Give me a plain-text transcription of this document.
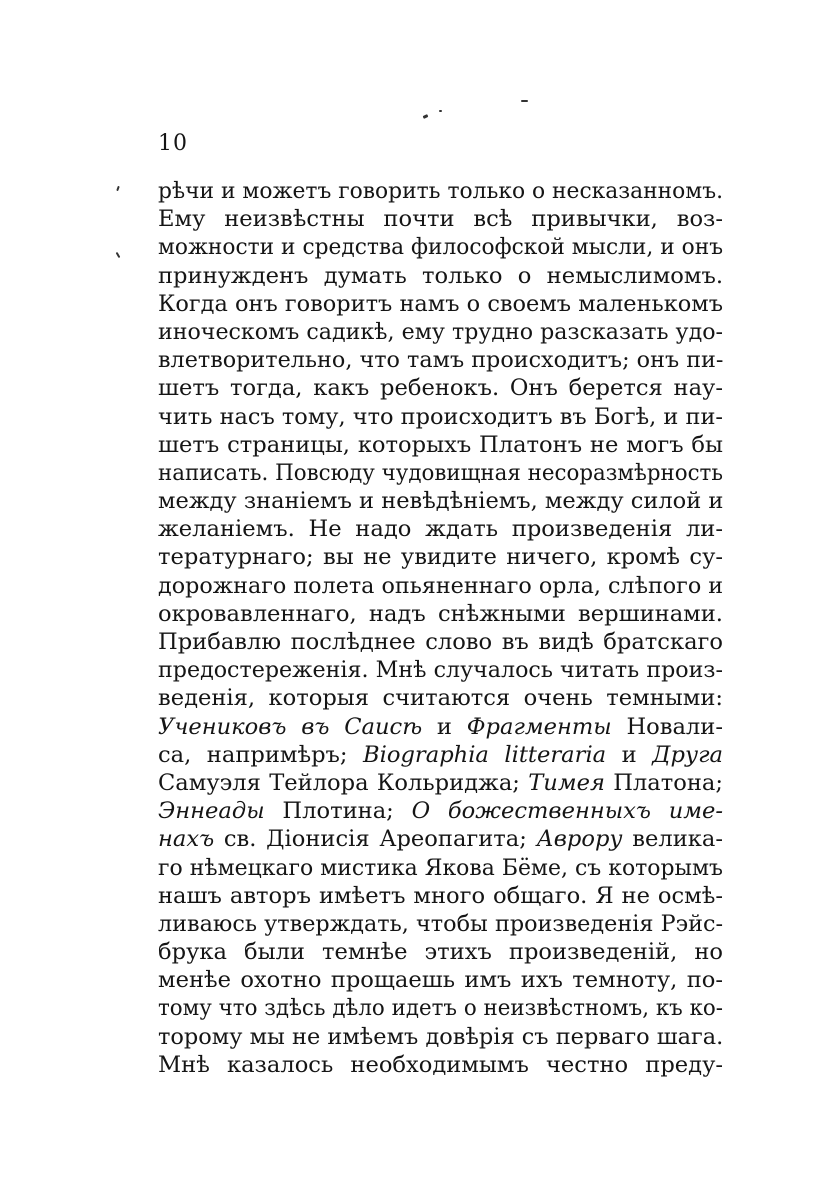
10
рѣчи и можетъ говорить только о несказанномъ.
Ему неизвѣстны почти всѣ привычки, воз-
можности и средства философской мысли, и онъ
принужденъ думать только о немыслимомъ.
Когда онъ говоритъ намъ о своемъ маленькомъ
иноческомъ садикѣ, ему трудно разсказать удо-
влетворительно, что тамъ происходитъ; онъ пи-
шетъ тогда, какъ ребенокъ. Онъ берется нау-
чить насъ тому, что происходитъ въ Богѣ, и пи-
шетъ страницы, которыхъ Платонъ не могъ бы
написать. Повсюду чудовищная несоразмѣрность
между знаніемъ и невѣдѣніемъ, между силой и
желаніемъ. Не надо ждать произведенія ли-
тературнаго; вы не увидите ничего, кромѣ су-
дорожнаго полета опьяненнаго орла, слѣпого и
окровавленнаго, надъ снѣжными вершинами.
Прибавлю послѣднее слово въ видѣ братскаго
предостереженія. Мнѣ случалось читать произ-
веденія, которыя считаются очень темными:
Учениковъ въ Саисѣ и Фрагменты Новали-
са, напримѣръ; Biographia litteraria и Друга
Самуэля Тейлора Кольриджа; Тимея Платона;
Эннеады Плотина; О божественныхъ име-
нахъ св. Діонисія Ареопагита; Аврору велика-
го нѣмецкаго мистика Якова Бёме, съ которымъ
нашъ авторъ имѣетъ много общаго. Я не осмѣ-
ливаюсь утверждать, чтобы произведенія Рэйс-
брука были темнѣе этихъ произведеній, но
менѣе охотно прощаешь имъ ихъ темноту, по-
тому что здѣсь дѣло идетъ о неизвѣстномъ, къ ко-
торому мы не имѣемъ довѣрія съ перваго шага.
Мнѣ казалось необходимымъ честно преду-
